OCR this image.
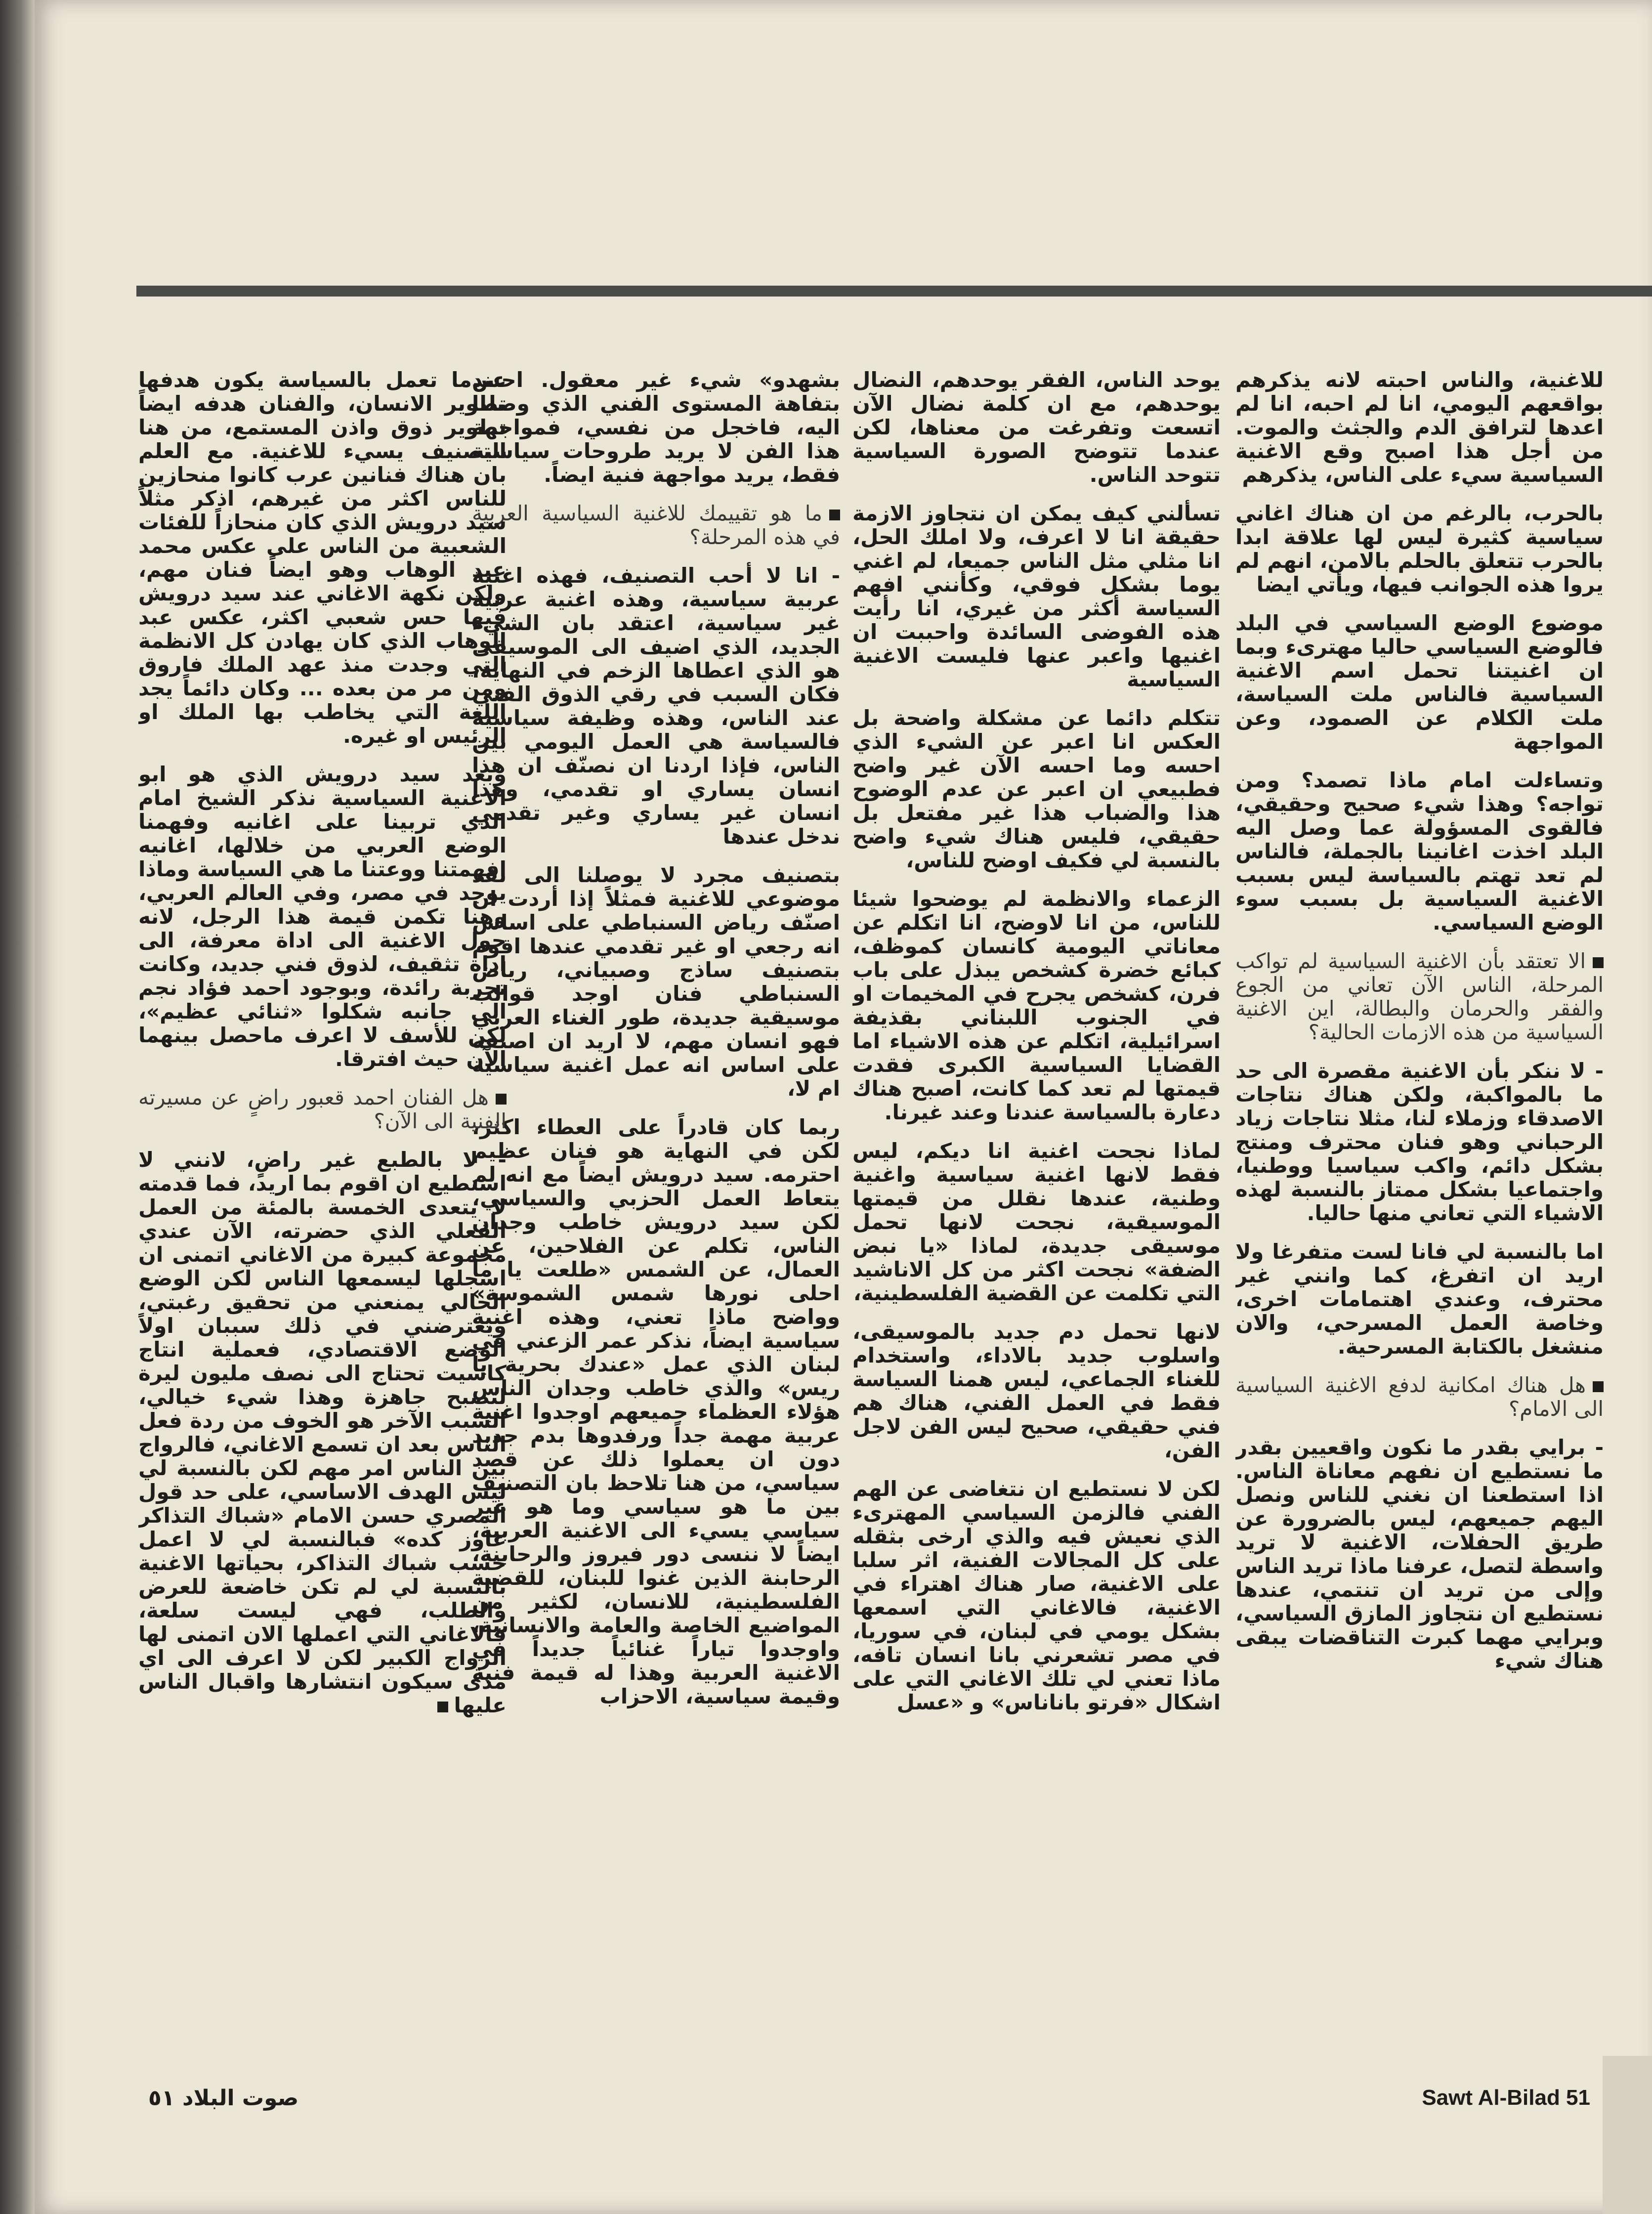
للاغنية، والناس احبته لانه يذكرهم بواقعهم اليومي، انا لم احبه، انا لم اعدها لترافق الدم والجثث والموت. من أجل هذا اصبح وقع الاغنية السياسية سيء على الناس، يذكرهم

بالحرب، بالرغم من ان هناك اغاني سياسية كثيرة ليس لها علاقة ابدا بالحرب تتعلق بالحلم بالامن، انهم لم يروا هذه الجوانب فيها، ويأتي ايضا

موضوع الوضع السياسي في البلد فالوضع السياسي حاليا مهترىء وبما ان اغنيتنا تحمل اسم الاغنية السياسية فالناس ملت السياسة، ملت الكلام عن الصمود، وعن المواجهة

وتساءلت امام ماذا تصمد؟ ومن تواجه؟ وهذا شيء صحيح وحقيقي، فالقوى المسؤولة عما وصل اليه البلد اخذت اغانينا بالجملة، فالناس لم تعد تهتم بالسياسة ليس بسبب الاغنية السياسية بل بسبب سوء الوضع السياسي.

الا تعتقد بأن الاغنية السياسية لم تواكب المرحلة، الناس الآن تعاني من الجوع والفقر والحرمان والبطالة، اين الاغنية السياسية من هذه الازمات الحالية؟

- لا ننكر بأن الاغنية مقصرة الى حد ما بالمواكبة، ولكن هناك نتاجات الاصدقاء وزملاء لنا، مثلا نتاجات زياد الرحباني وهو فنان محترف ومنتج بشكل دائم، واكب سياسيا ووطنيا، واجتماعيا بشكل ممتاز بالنسبة لهذه الاشياء التي تعاني منها حاليا.

اما بالنسبة لي فانا لست متفرغا ولا اريد ان اتفرغ، كما وانني غير محترف، وعندي اهتمامات اخرى، وخاصة العمل المسرحي، والان منشغل بالكتابة المسرحية.

هل هناك امكانية لدفع الاغنية السياسية الى الامام؟

- برايي بقدر ما نكون واقعيين بقدر ما نستطيع ان نفهم معاناة الناس. اذا استطعنا ان نغني للناس ونصل اليهم جميعهم، ليس بالضرورة عن طريق الحفلات، الاغنية لا تريد واسطة لتصل، عرفنا ماذا تريد الناس وإلى من تريد ان تنتمي، عندها نستطيع ان نتجاوز المازق السياسي، وبرايي مهما كبرت التناقضات يبقى هناك شيء

يوحد الناس، الفقر يوحدهم، النضال يوحدهم، مع ان كلمة نضال الآن اتسعت وتفرغت من معناها، لكن عندما تتوضح الصورة السياسية تتوحد الناس.

تسألني كيف يمكن ان نتجاوز الازمة حقيقة انا لا اعرف، ولا املك الحل، انا مثلي مثل الناس جميعا، لم اغني يوما بشكل فوقي، وكأنني افهم السياسة أكثر من غيري، انا رأيت هذه الفوضى السائدة واحببت ان اغنيها واعبر عنها فليست الاغنية السياسية

تتكلم دائما عن مشكلة واضحة بل العكس انا اعبر عن الشيء الذي احسه وما احسه الآن غير واضح فطبيعي ان اعبر عن عدم الوضوح هذا والضباب هذا غير مفتعل بل حقيقي، فليس هناك شيء واضح بالنسبة لي فكيف اوضح للناس،

الزعماء والانظمة لم يوضحوا شيئا للناس، من انا لاوضح، انا اتكلم عن معاناتي اليومية كانسان كموظف، كبائع خضرة كشخص يبذل على باب فرن، كشخص يجرح في المخيمات او في الجنوب اللبناني بقذيفة اسرائيلية، اتكلم عن هذه الاشياء اما القضايا السياسية الكبرى فقدت قيمتها لم تعد كما كانت، اصبح هناك دعارة بالسياسة عندنا وعند غيرنا.

لماذا نجحت اغنية انا ديكم، ليس فقط لانها اغنية سياسية واغنية وطنية، عندها نقلل من قيمتها الموسيقية، نجحت لانها تحمل موسيقى جديدة، لماذا «يا نبض الضفة» نجحت اكثر من كل الاناشيد التي تكلمت عن القضية الفلسطينية،

لانها تحمل دم جديد بالموسيقى، واسلوب جديد بالاداء، واستخدام للغناء الجماعي، ليس همنا السياسة فقط في العمل الفني، هناك هم فني حقيقي، صحيح ليس الفن لاجل الفن،

لكن لا نستطيع ان نتغاضى عن الهم الفني فالزمن السياسي المهترىء الذي نعيش فيه والذي ارخى بثقله على كل المجالات الفنية، اثر سلبا على الاغنية، صار هناك اهتراء في الاغنية، فالاغاني التي اسمعها بشكل يومي في لبنان، في سوريا، في مصر تشعرني بانا انسان تافه، ماذا تعني لي تلك الاغاني التي على اشكال «فرتو باناناس» و «عسل

بشهدو» شيء غير معقول. احس بتفاهة المستوى الفني الذي وصلنا اليه، فاخجل من نفسي، فمواجهة هذا الفن لا يريد طروحات سياسية فقط، يريد مواجهة فنية ايضاً.

ما هو تقييمك للاغنية السياسية العربية في هذه المرحلة؟

- انا لا أحب التصنيف، فهذه اغنية عربية سياسية، وهذه اغنية عربية غير سياسية، اعتقد بان الشيء الجديد، الذي اضيف الى الموسيقى هو الذي اعطاها الزخم في النهاية، فكان السبب في رقي الذوق الفني عند الناس، وهذه وظيفة سياسية فالسياسة هي العمل اليومي بين الناس، فإذا اردنا ان نصنّف ان هذا انسان يساري او تقدمي، وهذا انسان غير يساري وغير تقدمي ندخل عندها

بتصنيف مجرد لا يوصلنا الى نقد موضوعي للاغنية فمثلاً إذا أردت ان اصنّف رياض السنباطي على اساس انه رجعي او غير تقدمي عندها اقوم بتصنيف ساذج وصبياني، رياض السنباطي فنان اوجد قوالب موسيقية جديدة، طور الغناء العربي فهو انسان مهم، لا اريد ان اصنفه على اساس انه عمل اغنية سياسية ام لا،

ربما كان قادراً على العطاء اكثر، لكن في النهاية هو فنان عظيم احترمه. سيد درويش ايضاً مع انه لم يتعاط العمل الحزبي والسياسي، لكن سيد درويش خاطب وجدان الناس، تكلم عن الفلاحين، عن العمال، عن الشمس «طلعت يا ما احلى نورها شمس الشموسة» وواضح ماذا تعني، وهذه اغنية سياسية ايضاً، نذكر عمر الزعني في لبنان الذي عمل «عندك بحرية يا ريس» والذي خاطب وجدان الناس هؤلاء العظماء جميعهم اوجدوا اغنية عربية مهمة جداً ورفدوها بدم جديد دون ان يعملوا ذلك عن قصد سياسي، من هنا تلاحظ بان التصنيف بين ما هو سياسي وما هو غير سياسي يسيء الى الاغنية العربية، ايضاً لا ننسى دور فيروز والرحابنة، الرحابنة الذين غنوا للبنان، للقضية الفلسطينية، للانسان، لكثير من المواضيع الخاصة والعامة والانسانية، واوجدوا تياراً غنائياً جديداً في الاغنية العربية وهذا له قيمة فنية وقيمة سياسية، الاحزاب

عندما تعمل بالسياسة يكون هدفها تطوير الانسان، والفنان هدفه ايضاً تطوير ذوق واذن المستمع، من هنا التصنيف يسيء للاغنية. مع العلم بان هناك فنانين عرب كانوا منحازين للناس اكثر من غيرهم، اذكر مثلاً سيد درويش الذي كان منحازاً للفئات الشعبية من الناس على عكس محمد عبد الوهاب وهو ايضاً فنان مهم، ولكن نكهة الاغاني عند سيد درويش فيها حس شعبي اكثر، عكس عبد الوهاب الذي كان يهادن كل الانظمة التي وجدت منذ عهد الملك فاروق ومن مر من بعده ... وكان دائماً يجد اللغة التي يخاطب بها الملك او الرئيس او غيره.

وبعد سيد درويش الذي هو ابو الاغنية السياسية نذكر الشيخ امام الذي تربينا على اغانيه وفهمنا الوضع العربي من خلالها، اغانيه افهمتنا ووعتنا ما هي السياسة وماذا يوجد في مصر، وفي العالم العربي، وهنا تكمن قيمة هذا الرجل، لانه حول الاغنية الى اداة معرفة، الى اداة تثقيف، لذوق فني جديد، وكانت تجربة رائدة، وبوجود احمد فؤاد نجم الى جانبه شكلوا «ثنائي عظيم»، لكن للأسف لا اعرف ماحصل بينهما الآن حيث افترقا.

هل الفنان احمد قعبور راضٍ عن مسيرته الفنية الى الآن؟

- لا بالطبع غير راضٍ، لانني لا استطيع ان اقوم بما اريد، فما قدمته لا يتعدى الخمسة بالمئة من العمل الفعلي الذي حضرته، الآن عندي مجموعة كبيرة من الاغاني اتمنى ان اسجلها ليسمعها الناس لكن الوضع الحالي يمنعني من تحقيق رغبتي، ويعترضني في ذلك سببان اولاً الوضع الاقتصادي، فعملية انتاج كاسيت تحتاج الى نصف مليون ليرة لتصبح جاهزة وهذا شيء خيالي، السبب الآخر هو الخوف من ردة فعل الناس بعد ان تسمع الاغاني، فالرواج بين الناس امر مهم لكن بالنسبة لي ليس الهدف الاساسي، على حد قول المصري حسن الامام «شباك التذاكر عاوز كده» فبالنسبة لي لا اعمل حسب شباك التذاكر، بحياتها الاغنية بالنسبة لي لم تكن خاضعة للعرض والطلب، فهي ليست سلعة، فالاغاني التي اعملها الان اتمنى لها الرواج الكبير لكن لا اعرف الى اي مدى سيكون انتشارها واقبال الناس عليها

صوت البلاد ٥١	Sawt Al-Bilad 51
